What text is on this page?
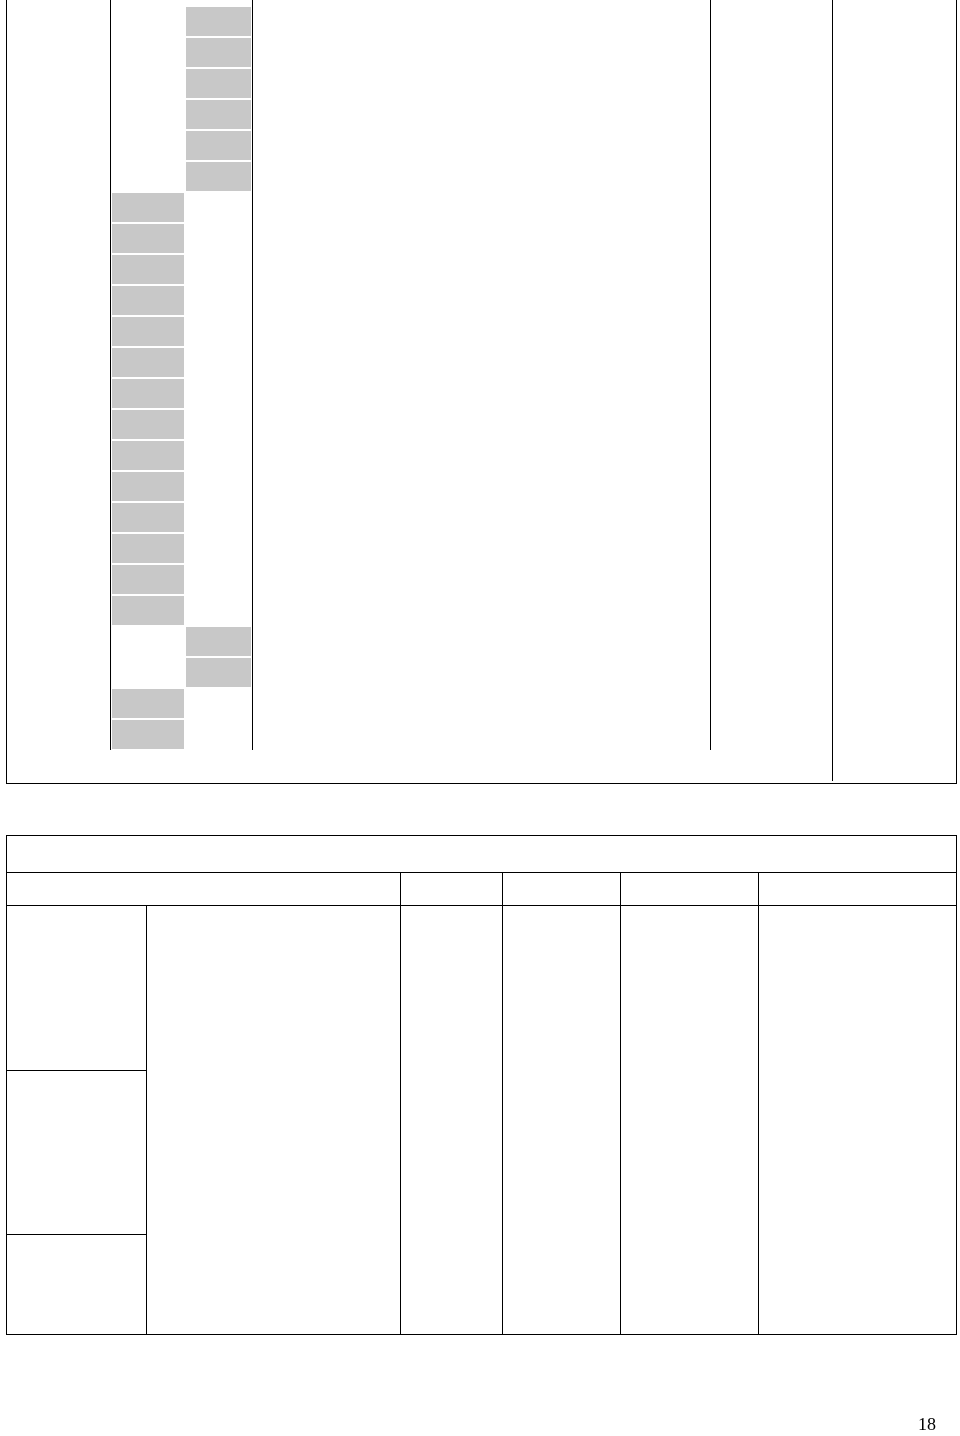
18
